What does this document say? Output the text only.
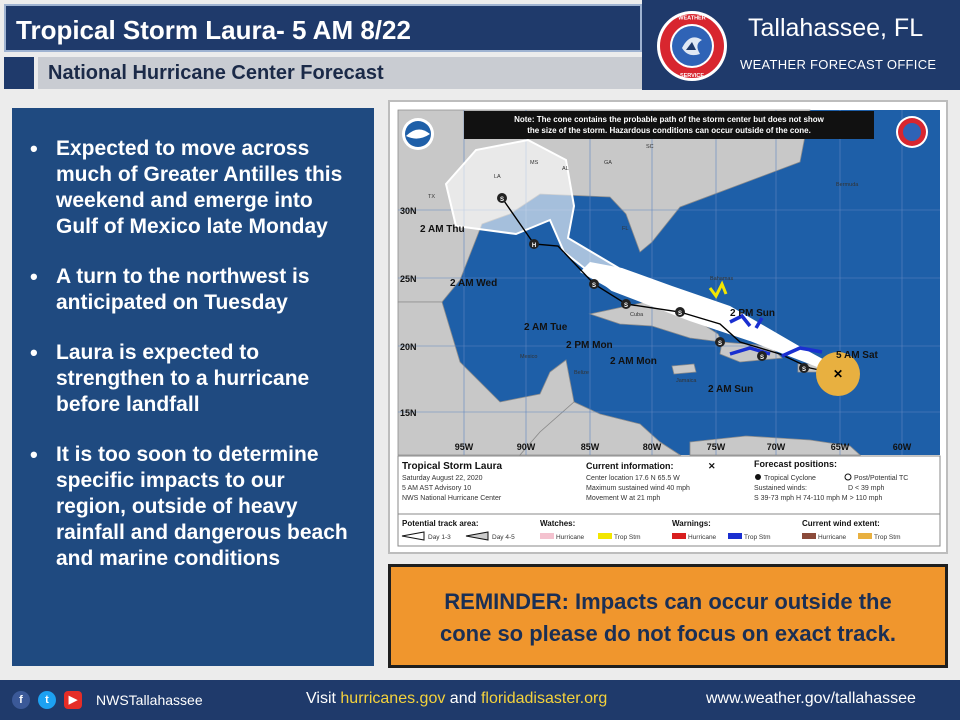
Tropical Storm Laura- 5 AM 8/22
National Hurricane Center Forecast
WEATHER
SERVICE
Tallahassee, FL
WEATHER FORECAST OFFICE
• Expected to move across much of Greater Antilles this weekend and emerge into Gulf of Mexico late Monday
• A turn to the northwest is anticipated on Tuesday
• Laura is expected to strengthen to a hurricane before landfall
• It is too soon to determine specific impacts to our region, outside of heavy rainfall and dangerous beach and marine conditions
✕
S
H
S
S
S
S
S
S
2 AM Thu
2 AM Wed
2 AM Tue
2 PM Mon
2 AM Mon
2 PM Sun
2 AM Sun
5 AM Sat
30N
25N
20N
15N
95W	90W	85W	80W	75W	70W	65W	60W
AL
GA
SC
FL
LA
TX
MS
Bermuda
Bahamas
Cuba
Mexico
Belize
Jamaica
Note: The cone contains the probable path of the storm center but does not show
the size of the storm. Hazardous conditions can occur outside of the cone.
Tropical Storm Laura
Saturday August 22, 2020
5 AM AST Advisory 10
NWS National Hurricane Center
Current information:	✕
Center location 17.6 N 65.5 W
Maximum sustained wind 40 mph
Movement W at 21 mph
Forecast positions:
Tropical Cyclone	Post/Potential TC
Sustained winds:	D < 39 mph
S 39-73 mph H 74-110 mph M > 110 mph
Potential track area:
Day 1-3	Day 4-5
Watches:
Hurricane	Trop Stm
Warnings:
Hurricane	Trop Stm
Current wind extent:
Hurricane	Trop Stm
REMINDER: Impacts can occur outside the
cone so please do not focus on exact track.
f	t	▶	NWSTallahassee	Visit hurricanes.gov and floridadisaster.org	www.weather.gov/tallahassee
